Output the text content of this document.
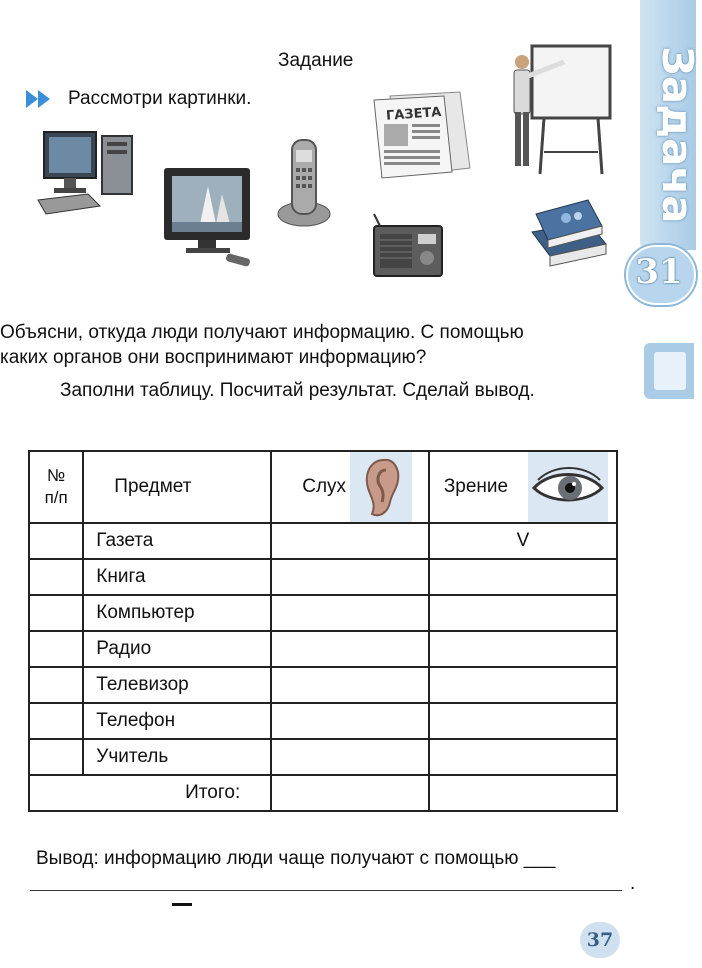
Задача
31
Задание
Рассмотри картинки.
ГАЗЕТА
Объясни, откуда люди получают информацию. С помощью
каких органов они воспринимают информацию?
Заполни таблицу. Посчитай результат. Сделай вывод.
№
п/п	Предмет	Слух	Зрение

	Газета		V
	Книга		
	Компьютер		
	Радио		
	Телевизор		
	Телефон		
	Учитель		
Итого:			
Вывод: информацию люди чаще получают с помощью ___
.
37
